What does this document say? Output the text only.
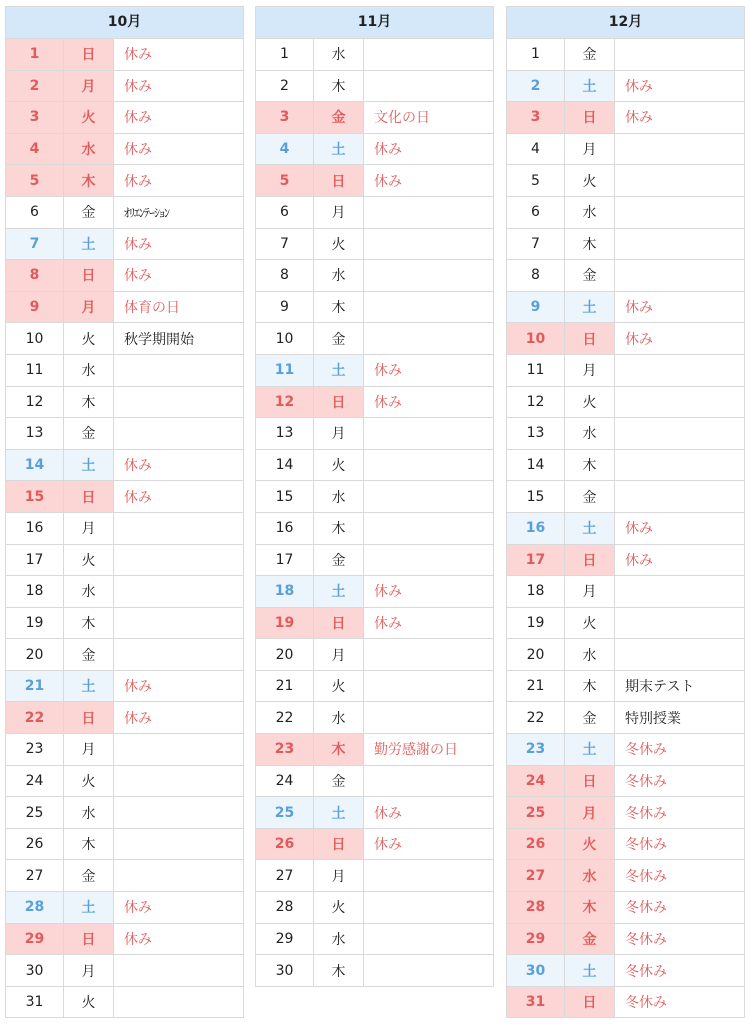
10月
1	日	休み
2	月	休み
3	火	休み
4	水	休み
5	木	休み
6	金	ｵﾘｴﾝﾃｰｼｮﾝ
7	土	休み
8	日	休み
9	月	体育の日
10	火	秋学期開始
11	水
12	木
13	金
14	土	休み
15	日	休み
16	月
17	火
18	水
19	木
20	金
21	土	休み
22	日	休み
23	月
24	火
25	水
26	木
27	金
28	土	休み
29	日	休み
30	月
31	火
11月
1	水
2	木
3	金	文化の日
4	土	休み
5	日	休み
6	月
7	火
8	水
9	木
10	金
11	土	休み
12	日	休み
13	月
14	火
15	水
16	木
17	金
18	土	休み
19	日	休み
20	月
21	火
22	水
23	木	勤労感謝の日
24	金
25	土	休み
26	日	休み
27	月
28	火
29	水
30	木
12月
1	金
2	土	休み
3	日	休み
4	月
5	火
6	水
7	木
8	金
9	土	休み
10	日	休み
11	月
12	火
13	水
14	木
15	金
16	土	休み
17	日	休み
18	月
19	火
20	水
21	木	期末テスト
22	金	特別授業
23	土	冬休み
24	日	冬休み
25	月	冬休み
26	火	冬休み
27	水	冬休み
28	木	冬休み
29	金	冬休み
30	土	冬休み
31	日	冬休み
